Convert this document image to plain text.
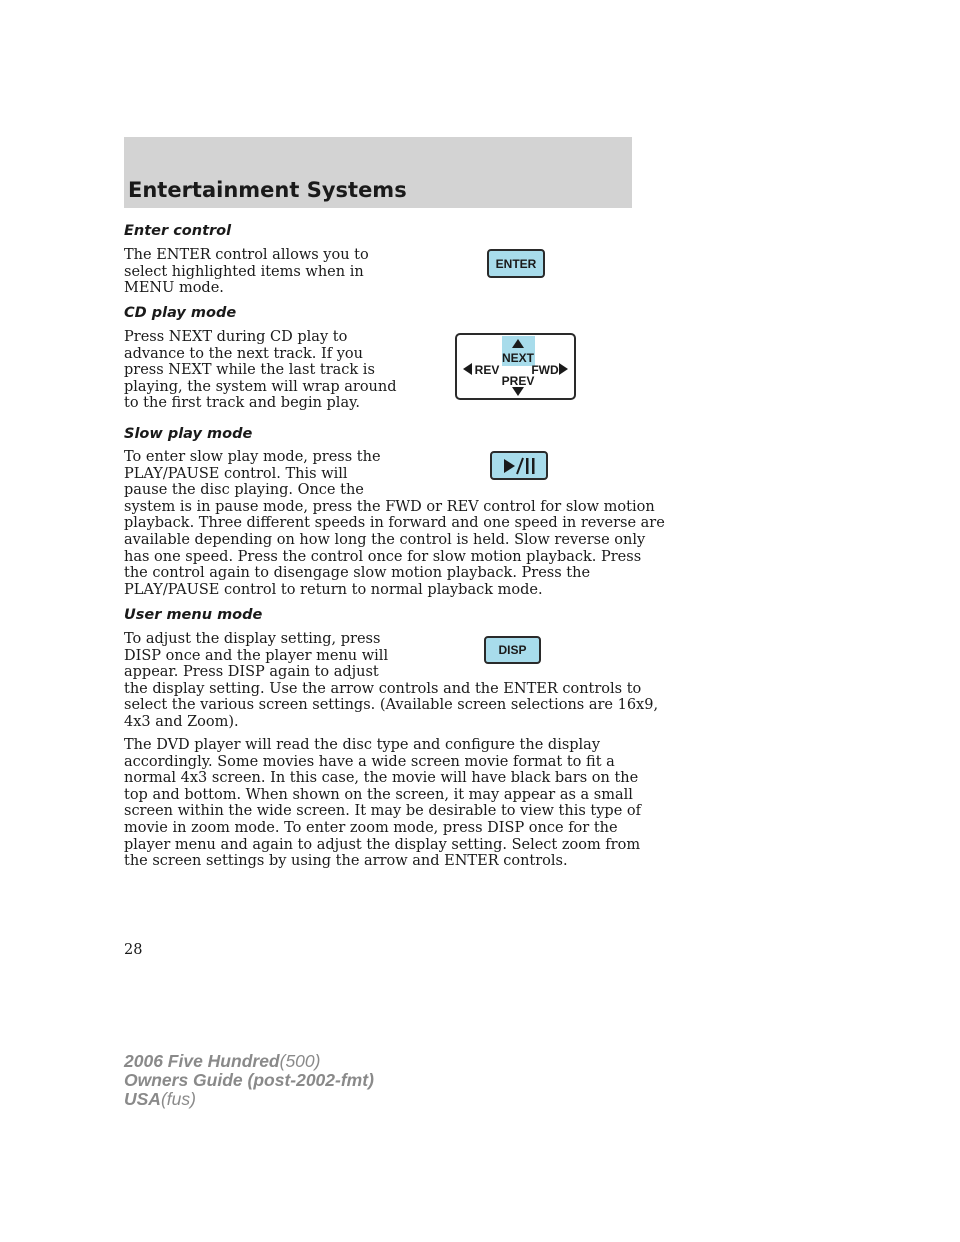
Entertainment Systems
Enter control
The ENTER control allows you to
select highlighted items when in
MENU mode.
ENTER
CD play mode
Press NEXT during CD play to
advance to the next track. If you
press NEXT while the last track is
playing, the system will wrap around
to the first track and begin play.
NEXT
PREV
REV	FWD
Slow play mode
To enter slow play mode, press the
PLAY/PAUSE control. This will
pause the disc playing. Once the
system is in pause mode, press the FWD or REV control for slow motion
playback. Three different speeds in forward and one speed in reverse are
available depending on how long the control is held. Slow reverse only
has one speed. Press the control once for slow motion playback. Press
the control again to disengage slow motion playback. Press the
PLAY/PAUSE control to return to normal playback mode.
User menu mode
To adjust the display setting, press
DISP once and the player menu will
appear. Press DISP again to adjust
the display setting. Use the arrow controls and the ENTER controls to
select the various screen settings. (Available screen selections are 16x9,
4x3 and Zoom).
DISP
The DVD player will read the disc type and configure the display
accordingly. Some movies have a wide screen movie format to fit a
normal 4x3 screen. In this case, the movie will have black bars on the
top and bottom. When shown on the screen, it may appear as a small
screen within the wide screen. It may be desirable to view this type of
movie in zoom mode. To enter zoom mode, press DISP once for the
player menu and again to adjust the display setting. Select zoom from
the screen settings by using the arrow and ENTER controls.
28
2006 Five Hundred(500)
Owners Guide (post-2002-fmt)
USA(fus)
